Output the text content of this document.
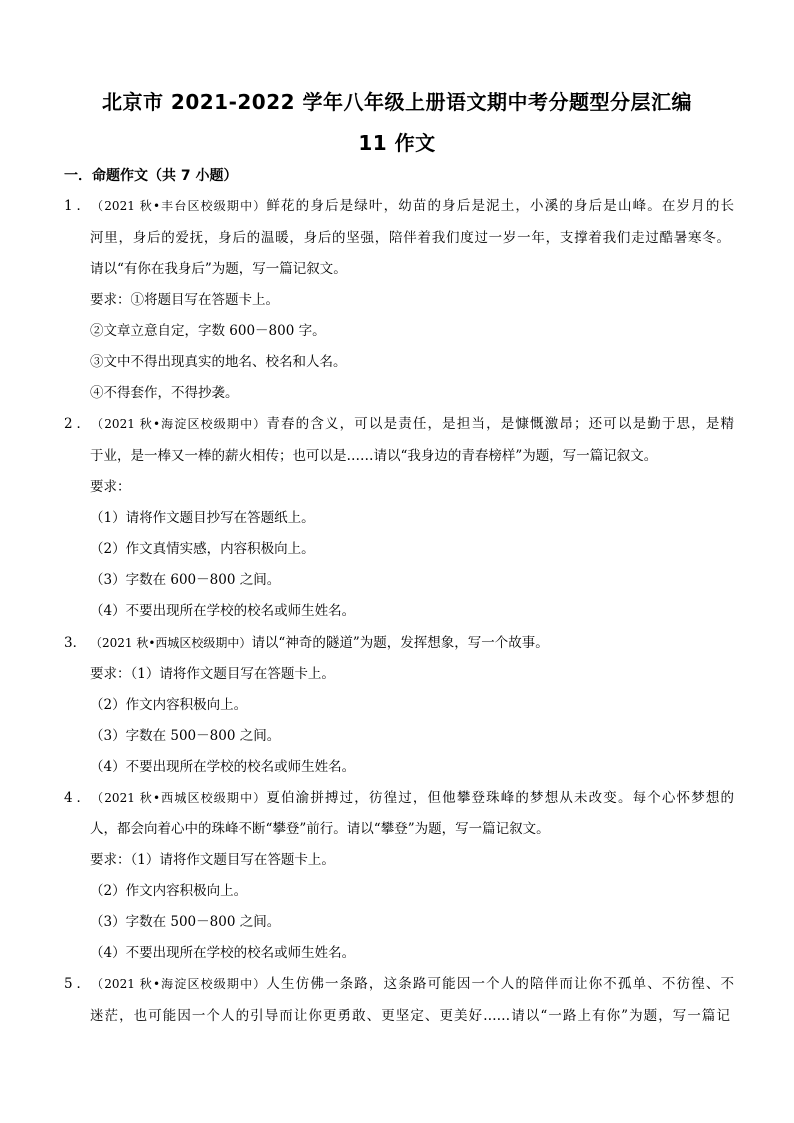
北京市 2021-2022 学年八年级上册语文期中考分题型分层汇编
11 作文
一．命题作文（共 7 小题）
1．（2021 秋•丰台区校级期中）鲜花的身后是绿叶，幼苗的身后是泥土，小溪的身后是山峰。在岁月的长
河里，身后的爱抚，身后的温暖，身后的坚强，陪伴着我们度过一岁一年，支撑着我们走过酷暑寒冬。
请以“有你在我身后”为题，写一篇记叙文。
要求：①将题目写在答题卡上。
②文章立意自定，字数 600－800 字。
③文中不得出现真实的地名、校名和人名。
④不得套作，不得抄袭。
2．（2021 秋•海淀区校级期中）青春的含义，可以是责任，是担当，是慷慨激昂；还可以是勤于思，是精
于业，是一棒又一棒的薪火相传；也可以是……请以“我身边的青春榜样”为题，写一篇记叙文。
要求：
（1）请将作文题目抄写在答题纸上。
（2）作文真情实感，内容积极向上。
（3）字数在 600－800 之间。
（4）不要出现所在学校的校名或师生姓名。
3． （2021 秋•西城区校级期中）请以“神奇的隧道”为题，发挥想象，写一个故事。
要求：（1）请将作文题目写在答题卡上。
（2）作文内容积极向上。
（3）字数在 500－800 之间。
（4）不要出现所在学校的校名或师生姓名。
4．（2021 秋•西城区校级期中）夏伯渝拼搏过，彷徨过，但他攀登珠峰的梦想从未改变。每个心怀梦想的
人，都会向着心中的珠峰不断“攀登”前行。请以“攀登”为题，写一篇记叙文。
要求：（1）请将作文题目写在答题卡上。
（2）作文内容积极向上。
（3）字数在 500－800 之间。
（4）不要出现所在学校的校名或师生姓名。
5．（2021 秋•海淀区校级期中）人生仿佛一条路，这条路可能因一个人的陪伴而让你不孤单、不彷徨、不
迷茫，也可能因一个人的引导而让你更勇敢、更坚定、更美好……请以“一路上有你”为题，写一篇记
